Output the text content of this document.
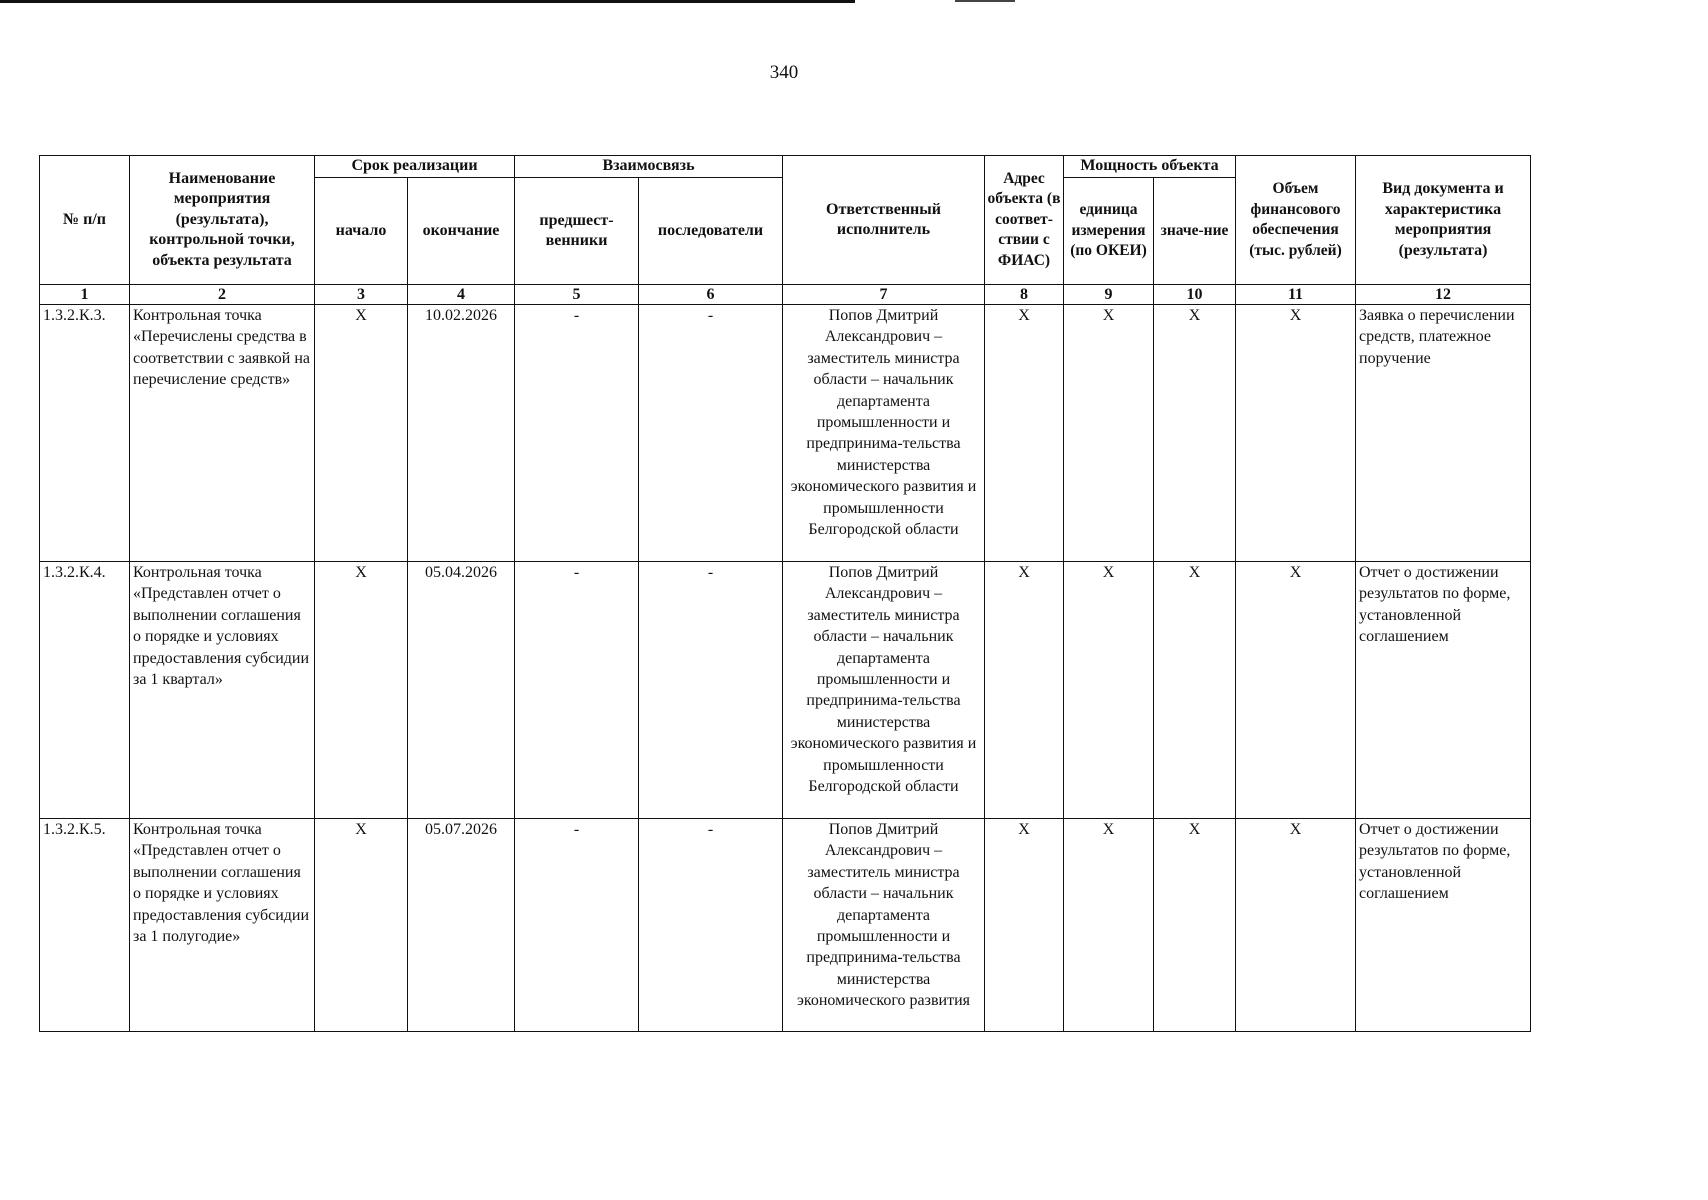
340
№ п/п	Наименование мероприятия (результата), контрольной точки, объекта результата	Срок реализации		Взаимосвязь		Ответственный исполнитель	Адрес объекта (в соответ-ствии с ФИАС)	Мощность объекта		Объем финансового обеспечения (тыс. рублей)	Вид документа и характеристика мероприятия (результата)
		начало	окончание	предшест-венники	последователи			единица измерения (по ОКЕИ)	значе-ние		
1	2	3	4	5	6	7	8	9	10	11	12
1.3.2.К.3.	Контрольная точка «Перечислены средства в соответствии с заявкой на перечисление средств»	X	10.02.2026	-	-	Попов Дмитрий Александрович – заместитель министра области – начальник департамента промышленности и предпринима-тельства министерства экономического развития и промышленности Белгородской области	X	X	X	X	Заявка о перечислении средств, платежное поручение
1.3.2.К.4.	Контрольная точка «Представлен отчет о выполнении соглашения о порядке и условиях предоставления субсидии за 1 квартал»	X	05.04.2026	-	-	Попов Дмитрий Александрович – заместитель министра области – начальник департамента промышленности и предпринима-тельства министерства экономического развития и промышленности Белгородской области	X	X	X	X	Отчет о достижении результатов по форме, установленной соглашением
1.3.2.К.5.	Контрольная точка «Представлен отчет о выполнении соглашения о порядке и условиях предоставления субсидии за 1 полугодие»	X	05.07.2026	-	-	Попов Дмитрий Александрович – заместитель министра области – начальник департамента промышленности и предпринима-тельства министерства экономического развития	X	X	X	X	Отчет о достижении результатов по форме, установленной соглашением
